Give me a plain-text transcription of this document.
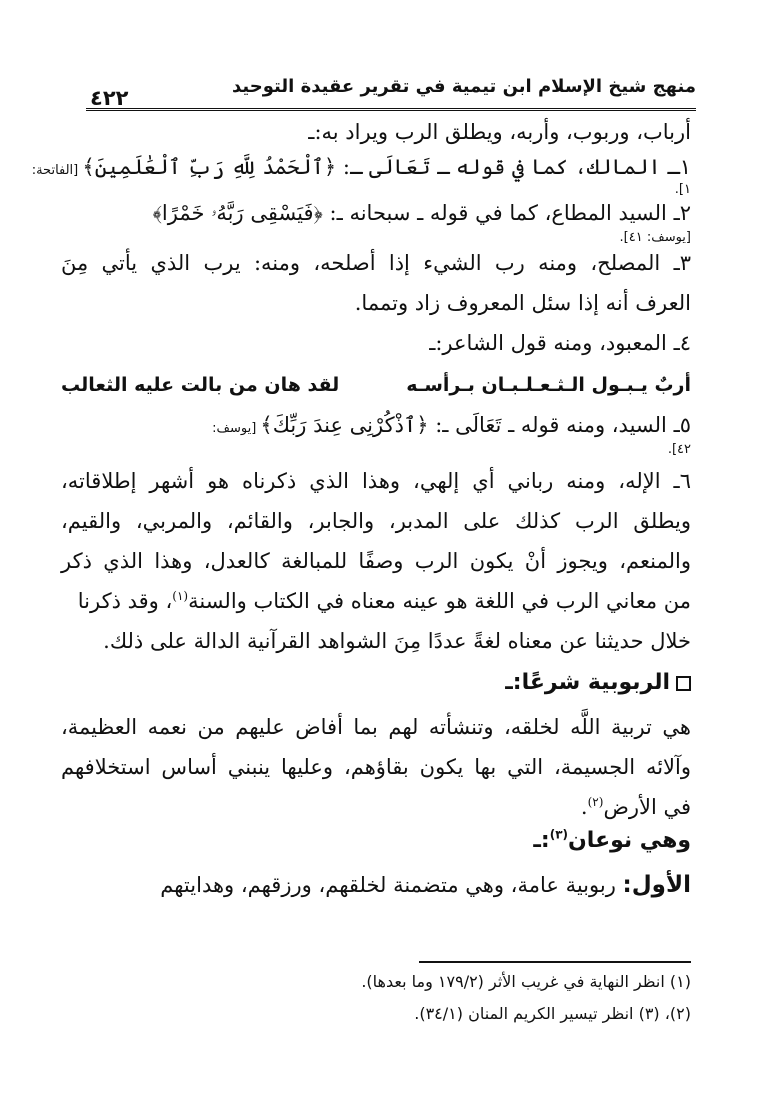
منهج شيخ الإسلام ابن تيمية في تقرير عقيدة التوحيد
٤٢٢
أرباب، وربوب، وأربه، ويطلق الرب ويراد به:ـ
١ـ المالك، كما في قوله ـ تَعَالَى ـ: ﴿ٱلْحَمْدُ لِلَّهِ رَبِّ ٱلْعَٰلَمِينَ﴾ [الفاتحة:
١].
٢ـ السيد المطاع، كما في قوله ـ سبحانه ـ: ﴿فَيَسْقِى رَبَّهُۥ خَمْرًا﴾
[يوسف: ٤١].
٣ـ المصلح، ومنه رب الشيء إذا أصلحه، ومنه: يرب الذي يأتي مِنَ
العرف أنه إذا سئل المعروف زاد وتمما.
٤ـ المعبود، ومنه قول الشاعر:ـ
أربٌ يـبـول الـثـعـلـبـان بـرأسـه
لقد هان من بالت عليه الثعالب
٥ـ السيد، ومنه قوله ـ تَعَالَى ـ: ﴿ٱذْكُرْنِى عِندَ رَبِّكَ﴾ [يوسف:
٤٢].
٦ـ الإله، ومنه رباني أي إلهي، وهذا الذي ذكرناه هو أشهر إطلاقاته،
ويطلق الرب كذلك على المدبر، والجابر، والقائم، والمربي، والقيم،
والمنعم، ويجوز أنْ يكون الرب وصفًا للمبالغة كالعدل، وهذا الذي ذكر
من معاني الرب في اللغة هو عينه معناه في الكتاب والسنة$^{(١)}$، وقد ذكرنا
خلال حديثنا عن معناه لغةً عددًا مِنَ الشواهد القرآنية الدالة على ذلك.
الربوبية شرعًا:ـ
هي تربية اللَّه لخلقه، وتنشأته لهم بما أفاض عليهم من نعمه العظيمة،
وآلائه الجسيمة، التي بها يكون بقاؤهم، وعليها ينبني أساس استخلافهم
في الأرض$^{(٢)}$.
وهي نوعان$^{(٣)}$:ـ
الأول: ربوبية عامة، وهي متضمنة لخلقهم، ورزقهم، وهدايتهم
(١) انظر النهاية في غريب الأثر (١٧٩/٢ وما بعدها).
(٢)، (٣) انظر تيسير الكريم المنان (٣٤/١).
